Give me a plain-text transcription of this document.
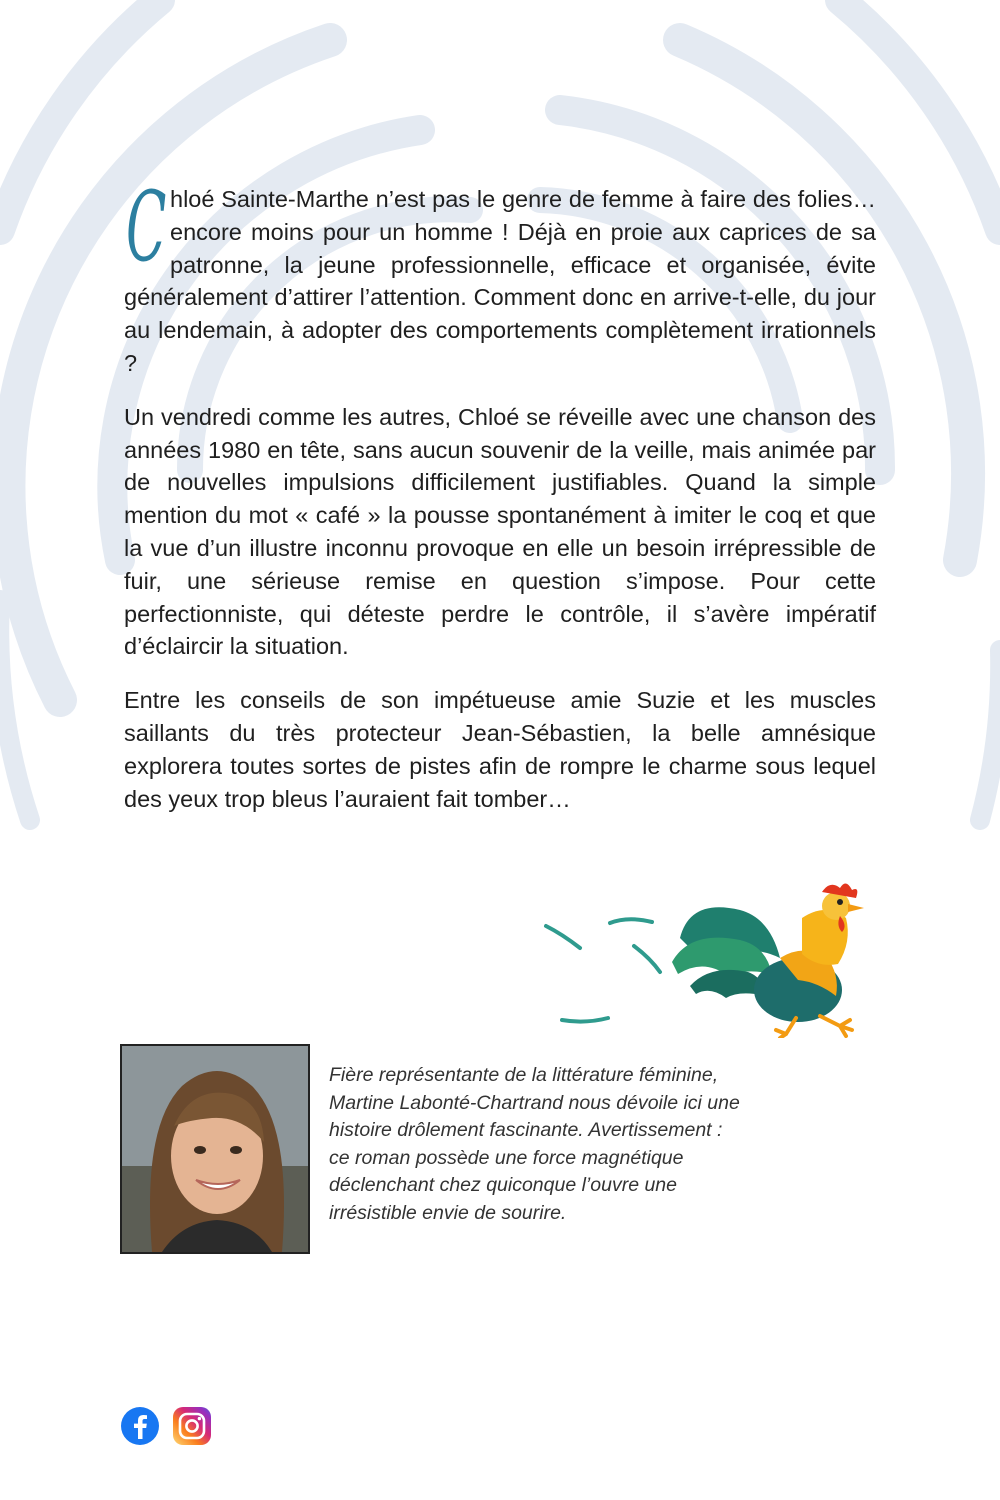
Chloé Sainte-Marthe n’est pas le genre de femme à faire des folies… encore moins pour un homme ! Déjà en proie aux caprices de sa patronne, la jeune professionnelle, efficace et organisée, évite généralement d’attirer l’attention. Comment donc en arrive-t-elle, du jour au lendemain, à adopter des comportements complètement irrationnels ?

Un vendredi comme les autres, Chloé se réveille avec une chanson des années 1980 en tête, sans aucun souvenir de la veille, mais animée par de nouvelles impulsions difficilement justifiables. Quand la simple mention du mot « café » la pousse spontanément à imiter le coq et que la vue d’un illustre inconnu provoque en elle un besoin irrépressible de fuir, une sérieuse remise en question s’impose. Pour cette perfectionniste, qui déteste perdre le contrôle, il s’avère impératif d’éclaircir la situation.

Entre les conseils de son impétueuse amie Suzie et les muscles saillants du très protecteur Jean-Sébastien, la belle amnésique explorera toutes sortes de pistes afin de rompre le charme sous lequel des yeux trop bleus l’auraient fait tomber…

Fière représentante de la littérature féminine,
Martine Labonté-Chartrand nous dévoile ici une
histoire drôlement fascinante. Avertissement :
ce roman possède une force magnétique
déclenchant chez quiconque l’ouvre une
irrésistible envie de sourire.
